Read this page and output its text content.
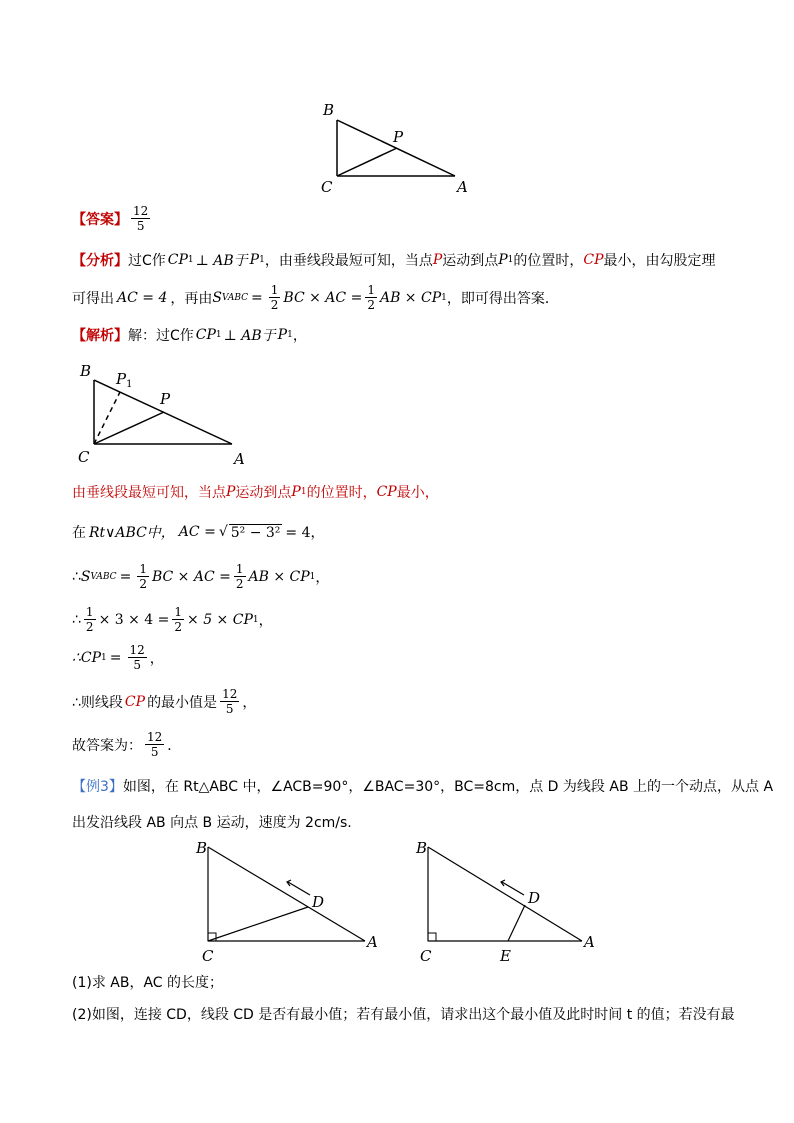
B
P
C	A
【答案】 $\frac{12}{5}$
【分析】 过C作 CP 1 ⊥ AB于 P 1 ，由垂线段最短可知，当点 P 运动到点 P 1 的位置时， CP 最小，由勾股定理
可得出 AC = 4 ，再由 S VABC = $\frac{1}{2}$ BC × AC = $\frac{1}{2}$ AB × CP 1 ，即可得出答案．
【解析】 解：过C作 CP 1 ⊥ AB于 P 1 ，
B $P_1$
P
C	A
由垂线段最短可知，当点 P 运动到点 P 1 的位置时， CP 最小，
在 Rt∨ABC中， AC = √ 5² − 3² = 4，
∴ S VABC = $\frac{1}{2}$ BC × AC = $\frac{1}{2}$ AB × CP 1 ，
∴ $\frac{1}{2} \times 3 \times 4 = \frac{1}{2} \times 5$ × CP 1 ，
∴CP $1 = \frac{12}{5}$ ，
∴则线段 CP 的最小值是 $\frac{12}{5}$ ，
故答案为： $\frac{12}{5}$ ．
【例3】 如图，在 Rt△ABC 中，∠ACB=90°，∠BAC=30°，BC=8cm，点 D 为线段 AB 上的一个动点，从点 A
出发沿线段 AB 向点 B 运动，速度为 2cm/s.
B
D
C
A
B
D
C	E
A
(1)求 AB，AC 的长度；
(2)如图，连接 CD，线段 CD 是否有最小值；若有最小值，请求出这个最小值及此时时间 t 的值；若没有最
